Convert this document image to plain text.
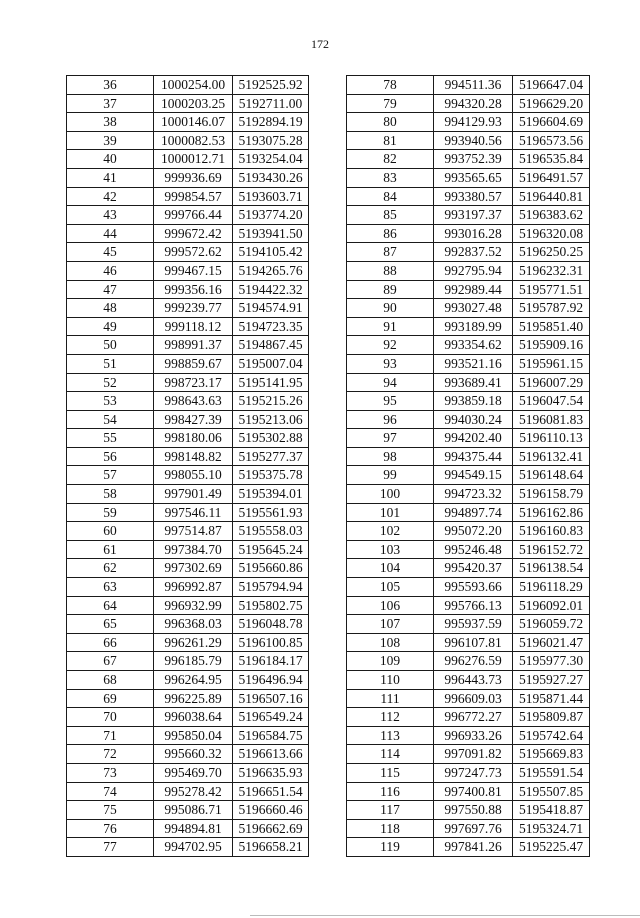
172
36	1000254.00	5192525.92
37	1000203.25	5192711.00
38	1000146.07	5192894.19
39	1000082.53	5193075.28
40	1000012.71	5193254.04
41	999936.69	5193430.26
42	999854.57	5193603.71
43	999766.44	5193774.20
44	999672.42	5193941.50
45	999572.62	5194105.42
46	999467.15	5194265.76
47	999356.16	5194422.32
48	999239.77	5194574.91
49	999118.12	5194723.35
50	998991.37	5194867.45
51	998859.67	5195007.04
52	998723.17	5195141.95
53	998643.63	5195215.26
54	998427.39	5195213.06
55	998180.06	5195302.88
56	998148.82	5195277.37
57	998055.10	5195375.78
58	997901.49	5195394.01
59	997546.11	5195561.93
60	997514.87	5195558.03
61	997384.70	5195645.24
62	997302.69	5195660.86
63	996992.87	5195794.94
64	996932.99	5195802.75
65	996368.03	5196048.78
66	996261.29	5196100.85
67	996185.79	5196184.17
68	996264.95	5196496.94
69	996225.89	5196507.16
70	996038.64	5196549.24
71	995850.04	5196584.75
72	995660.32	5196613.66
73	995469.70	5196635.93
74	995278.42	5196651.54
75	995086.71	5196660.46
76	994894.81	5196662.69
77	994702.95	5196658.21
78	994511.36	5196647.04
79	994320.28	5196629.20
80	994129.93	5196604.69
81	993940.56	5196573.56
82	993752.39	5196535.84
83	993565.65	5196491.57
84	993380.57	5196440.81
85	993197.37	5196383.62
86	993016.28	5196320.08
87	992837.52	5196250.25
88	992795.94	5196232.31
89	992989.44	5195771.51
90	993027.48	5195787.92
91	993189.99	5195851.40
92	993354.62	5195909.16
93	993521.16	5195961.15
94	993689.41	5196007.29
95	993859.18	5196047.54
96	994030.24	5196081.83
97	994202.40	5196110.13
98	994375.44	5196132.41
99	994549.15	5196148.64
100	994723.32	5196158.79
101	994897.74	5196162.86
102	995072.20	5196160.83
103	995246.48	5196152.72
104	995420.37	5196138.54
105	995593.66	5196118.29
106	995766.13	5196092.01
107	995937.59	5196059.72
108	996107.81	5196021.47
109	996276.59	5195977.30
110	996443.73	5195927.27
111	996609.03	5195871.44
112	996772.27	5195809.87
113	996933.26	5195742.64
114	997091.82	5195669.83
115	997247.73	5195591.54
116	997400.81	5195507.85
117	997550.88	5195418.87
118	997697.76	5195324.71
119	997841.26	5195225.47
